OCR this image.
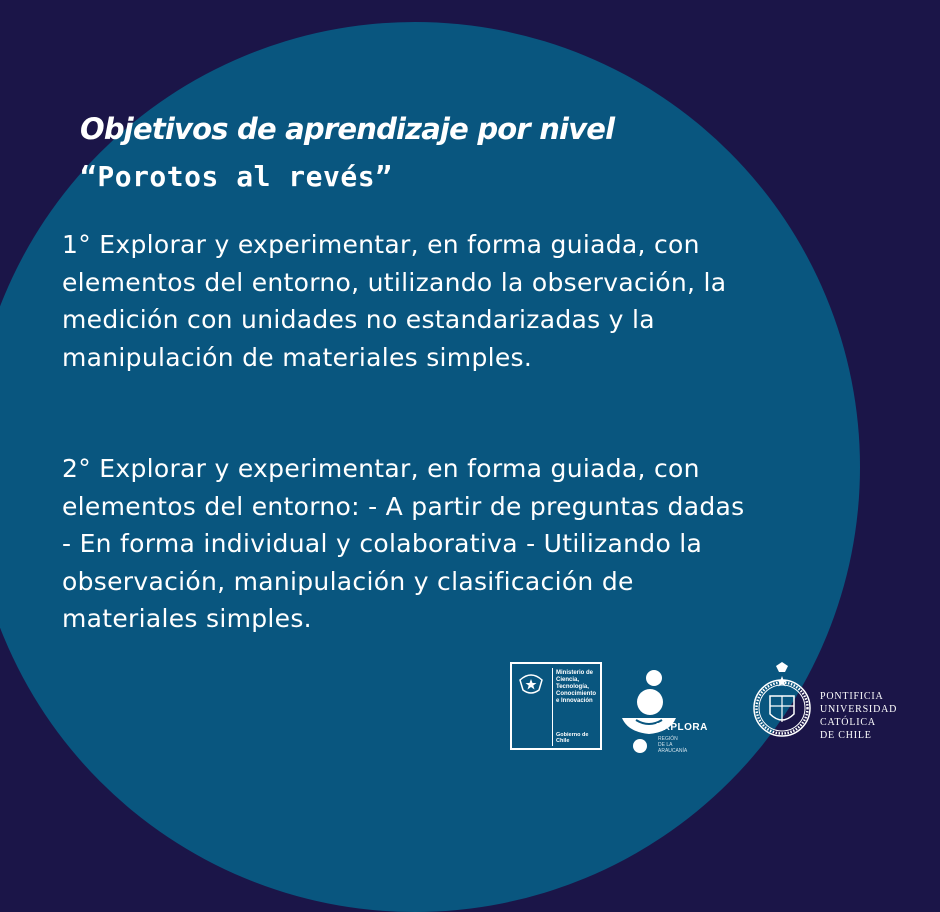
Objetivos de aprendizaje por nivel
“Porotos al revés”

1° Explorar y experimentar, en forma guiada, con elementos del entorno, utilizando la observación, la medición con unidades no estandarizadas y la manipulación de materiales simples.

2° Explorar y experimentar, en forma guiada, con elementos del entorno: - A partir de preguntas dadas - En forma individual y colaborativa - Utilizando la observación, manipulación y clasificación de materiales simples.

Ministerio de
Ciencia,
Tecnología,
Conocimiento
e Innovación
Gobierno de Chile
EXPLORA
REGIÓN
DE LA
ARAUCANÍA
PONTIFICIA
UNIVERSIDAD
CATÓLICA
DE CHILE
